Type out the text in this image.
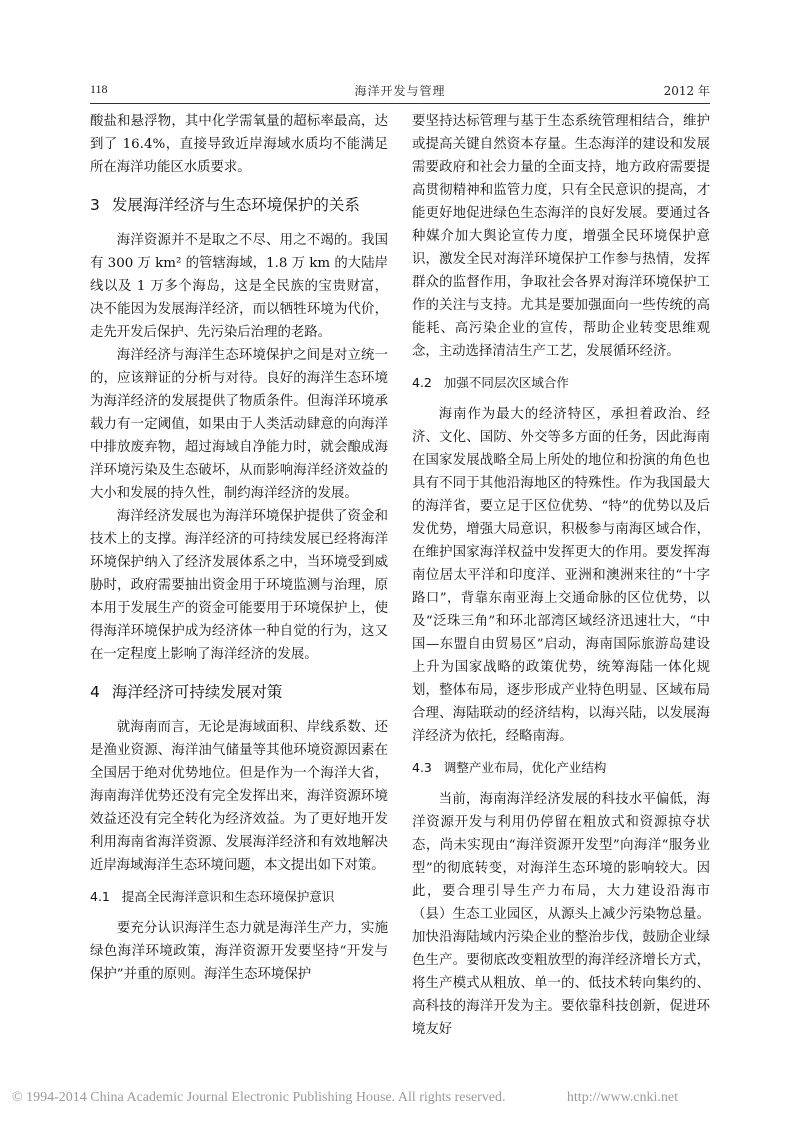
118	海洋开发与管理	2012 年

酸盐和悬浮物，其中化学需氧量的超标率最高，达到了 16.4%，直接导致近岸海域水质均不能满足所在海洋功能区水质要求。

3 发展海洋经济与生态环境保护的关系

海洋资源并不是取之不尽、用之不竭的。我国有 300 万 km² 的管辖海域，1.8 万 km 的大陆岸线以及 1 万多个海岛，这是全民族的宝贵财富，决不能因为发展海洋经济，而以牺牲环境为代价，走先开发后保护、先污染后治理的老路。

海洋经济与海洋生态环境保护之间是对立统一的，应该辩证的分析与对待。良好的海洋生态环境为海洋经济的发展提供了物质条件。但海洋环境承载力有一定阈值，如果由于人类活动肆意的向海洋中排放废弃物，超过海域自净能力时，就会酿成海洋环境污染及生态破坏，从而影响海洋经济效益的大小和发展的持久性，制约海洋经济的发展。

海洋经济发展也为海洋环境保护提供了资金和技术上的支撑。海洋经济的可持续发展已经将海洋环境保护纳入了经济发展体系之中，当环境受到威胁时，政府需要抽出资金用于环境监测与治理，原本用于发展生产的资金可能要用于环境保护上，使得海洋环境保护成为经济体一种自觉的行为，这又在一定程度上影响了海洋经济的发展。

4 海洋经济可持续发展对策

就海南而言，无论是海域面积、岸线系数、还是渔业资源、海洋油气储量等其他环境资源因素在全国居于绝对优势地位。但是作为一个海洋大省，海南海洋优势还没有完全发挥出来，海洋资源环境效益还没有完全转化为经济效益。为了更好地开发利用海南省海洋资源、发展海洋经济和有效地解决近岸海域海洋生态环境问题，本文提出如下对策。

4.1 提高全民海洋意识和生态环境保护意识

要充分认识海洋生态力就是海洋生产力，实施绿色海洋环境政策，海洋资源开发要坚持“开发与保护”并重的原则。海洋生态环境保护

要坚持达标管理与基于生态系统管理相结合，维护或提高关键自然资本存量。生态海洋的建设和发展需要政府和社会力量的全面支持，地方政府需要提高贯彻精神和监管力度，只有全民意识的提高，才能更好地促进绿色生态海洋的良好发展。要通过各种媒介加大舆论宣传力度，增强全民环境保护意识，激发全民对海洋环境保护工作参与热情，发挥群众的监督作用，争取社会各界对海洋环境保护工作的关注与支持。尤其是要加强面向一些传统的高能耗、高污染企业的宣传，帮助企业转变思维观念，主动选择清洁生产工艺，发展循环经济。

4.2 加强不同层次区域合作

海南作为最大的经济特区，承担着政治、经济、文化、国防、外交等多方面的任务，因此海南在国家发展战略全局上所处的地位和扮演的角色也具有不同于其他沿海地区的特殊性。作为我国最大的海洋省，要立足于区位优势、“特”的优势以及后发优势，增强大局意识，积极参与南海区域合作，在维护国家海洋权益中发挥更大的作用。要发挥海南位居太平洋和印度洋、亚洲和澳洲来往的“十字路口”，背靠东南亚海上交通命脉的区位优势，以及“泛珠三角”和环北部湾区域经济迅速壮大，“中国—东盟自由贸易区”启动，海南国际旅游岛建设上升为国家战略的政策优势，统筹海陆一体化规划，整体布局，逐步形成产业特色明显、区域布局合理、海陆联动的经济结构，以海兴陆，以发展海洋经济为依托，经略南海。

4.3 调整产业布局，优化产业结构

当前，海南海洋经济发展的科技水平偏低，海洋资源开发与利用仍停留在粗放式和资源掠夺状态，尚未实现由“海洋资源开发型”向海洋“服务业型”的彻底转变，对海洋生态环境的影响较大。因此，要合理引导生产力布局，大力建设沿海市（县）生态工业园区，从源头上减少污染物总量。加快沿海陆域内污染企业的整治步伐，鼓励企业绿色生产。要彻底改变粗放型的海洋经济增长方式，将生产模式从粗放、单一的、低技术转向集约的、高科技的海洋开发为主。要依靠科技创新，促进环境友好

© 1994-2014 China Academic Journal Electronic Publishing House. All rights reserved.	http://www.cnki.net
